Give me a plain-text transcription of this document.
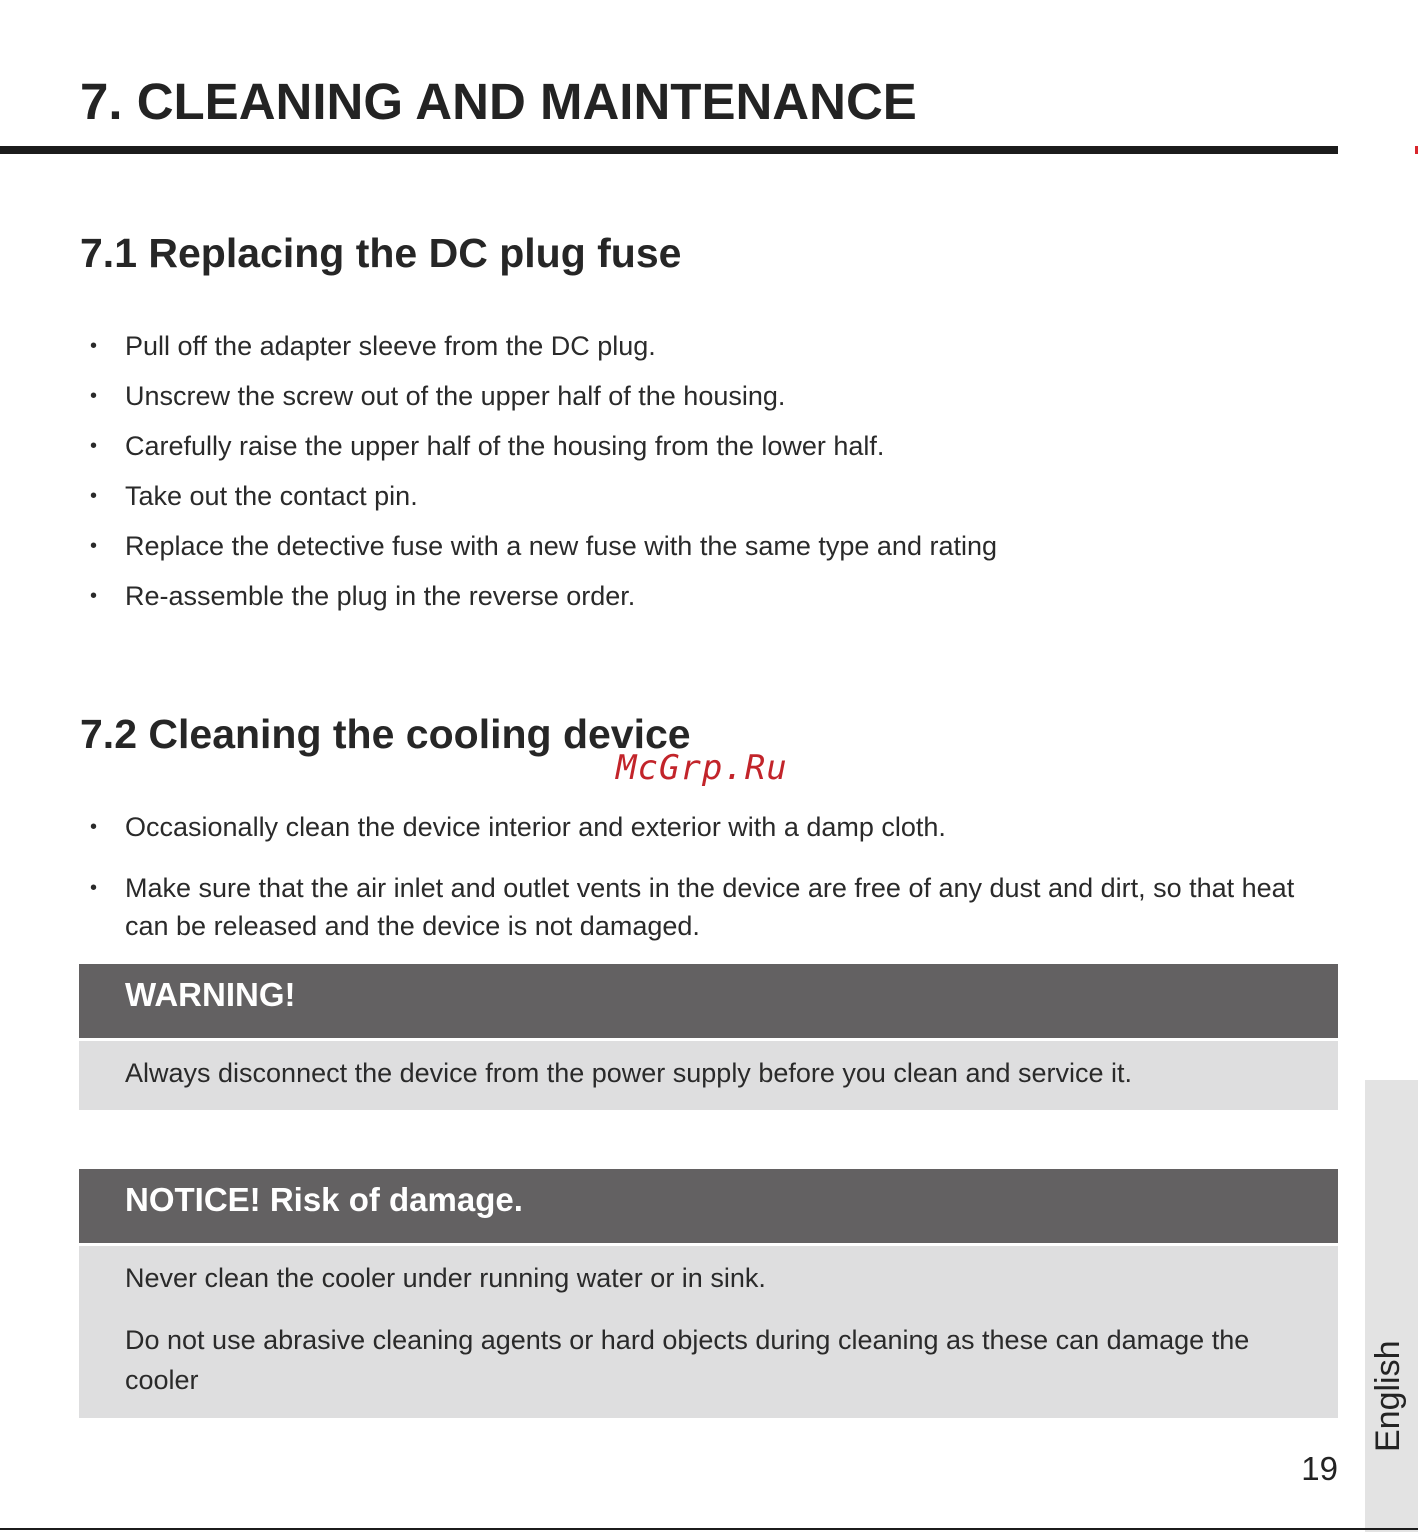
7. CLEANING AND MAINTENANCE
7.1 Replacing the DC plug fuse
• Pull off the adapter sleeve from the DC plug.
• Unscrew the screw out of the upper half of the housing.
• Carefully raise the upper half of the housing from the lower half.
• Take out the contact pin.
• Replace the detective fuse with a new fuse with the same type and rating
• Re-assemble the plug in the reverse order.
7.2 Cleaning the cooling device
McGrp.Ru
• Occasionally clean the device interior and exterior with a damp cloth.
• Make sure that the air inlet and outlet vents in the device are free of any dust and dirt, so that heat can be released and the device is not damaged.
WARNING!

Always disconnect the device from the power supply before you clean and service it.

NOTICE! Risk of damage.

Never clean the cooler under running water or in sink.

Do not use abrasive cleaning agents or hard objects during cleaning as these can damage the cooler	English
19
